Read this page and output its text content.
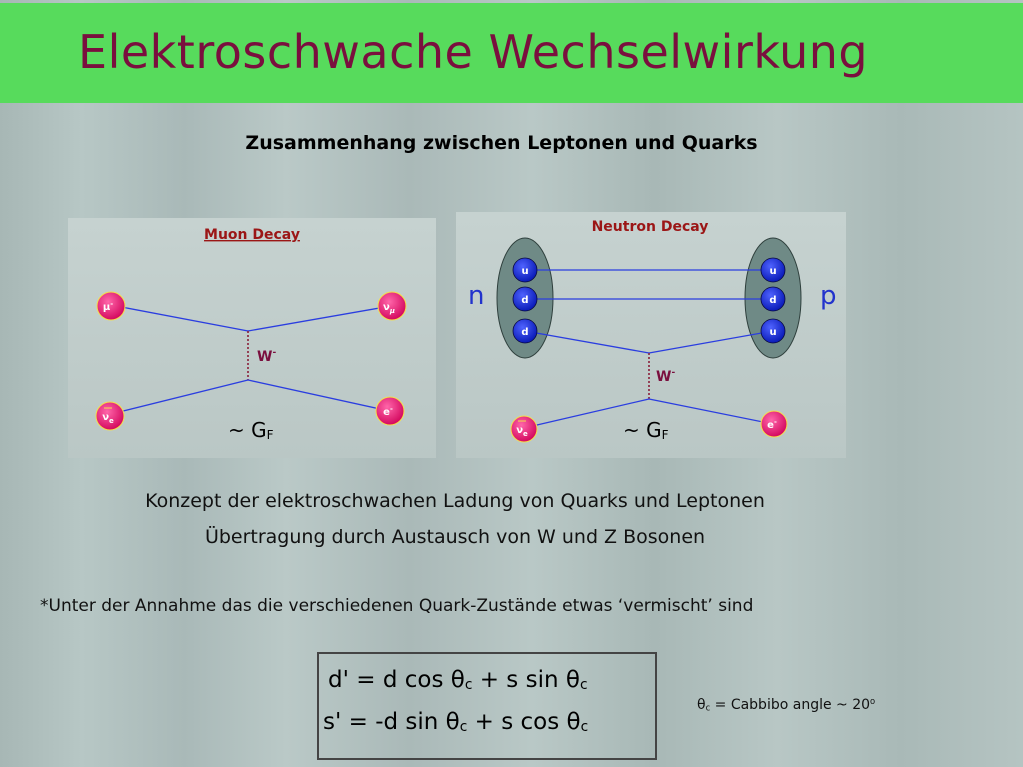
Elektroschwache Wechselwirkung
Zusammenhang zwischen Leptonen und Quarks
Muon Decay
W-
μ-	$\nu_\mu$
$\nu_e$
e-
~ GF
Neutron Decay
n	p
W-
u
d
d
u
d
u
$\nu_e$
e-
~ GF
Konzept der elektroschwachen Ladung von Quarks und Leptonen
Übertragung durch Austausch von W und Z Bosonen
*Unter der Annahme das die verschiedenen Quark-Zustände etwas ‘vermischt’ sind
d' = d $\cos \theta_c + s$ $\sin \theta_c$
s' = -d $\sin \theta_c + s$ $\cos \theta_c$
$\theta_c$ = Cabbibo angle ~ 20$^o$
